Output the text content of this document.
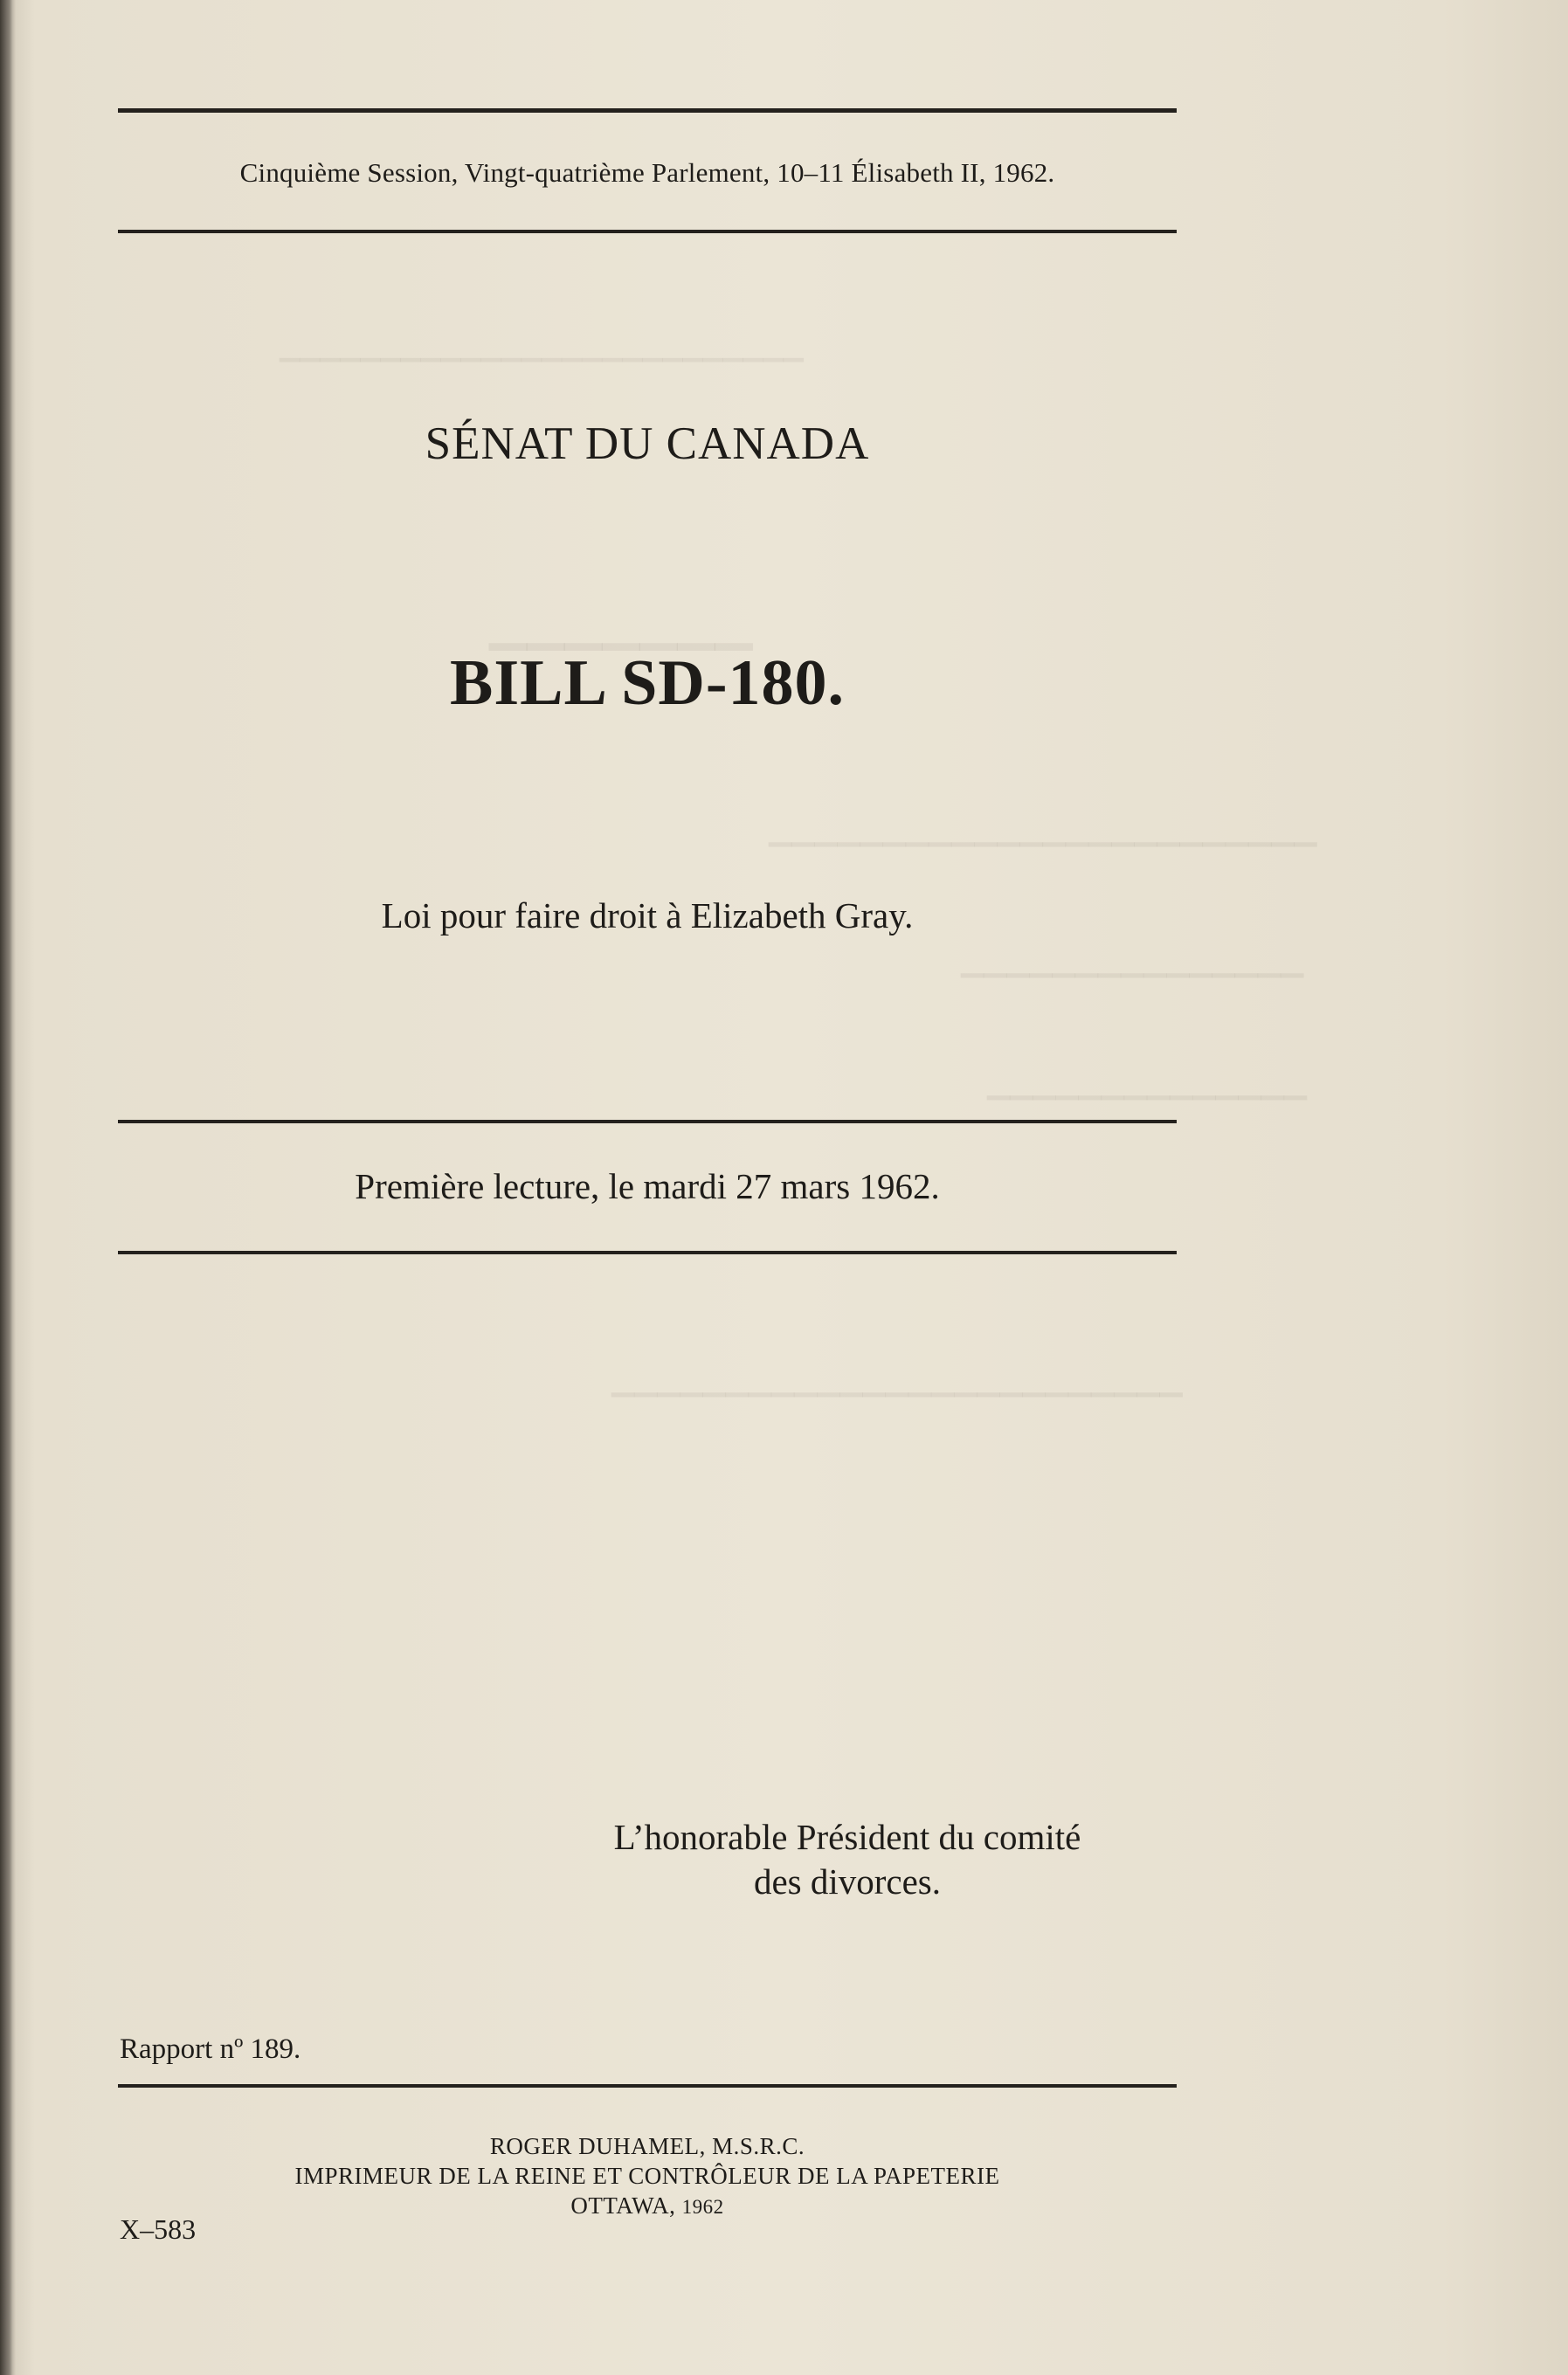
▁▁▁▁▁▁▁▁▁▁▁▁▁▁▁▁▁▁▁▁▁▁▁▁▁▁
▁▁▁▁▁▁▁
▁▁▁▁▁▁▁▁▁▁▁▁▁▁▁▁▁▁▁▁▁▁▁▁
▁▁▁▁▁▁▁▁▁▁▁▁▁▁▁
▁▁▁▁▁▁▁▁▁▁▁▁▁▁
▁▁▁▁▁▁▁▁▁▁▁▁▁▁▁▁▁▁▁▁▁▁▁▁▁
Cinquième Session, Vingt-quatrième Parlement, 10–11 Élisabeth II, 1962.
SÉNAT DU CANADA
BILL SD-180.
Loi pour faire droit à Elizabeth Gray.
Première lecture, le mardi 27 mars 1962.
L’honorable Président du comité
des divorces.
Rapport nº 189.
ROGER DUHAMEL, M.S.R.C.
IMPRIMEUR DE LA REINE ET CONTRÔLEUR DE LA PAPETERIE
OTTAWA, 1962
X–583
